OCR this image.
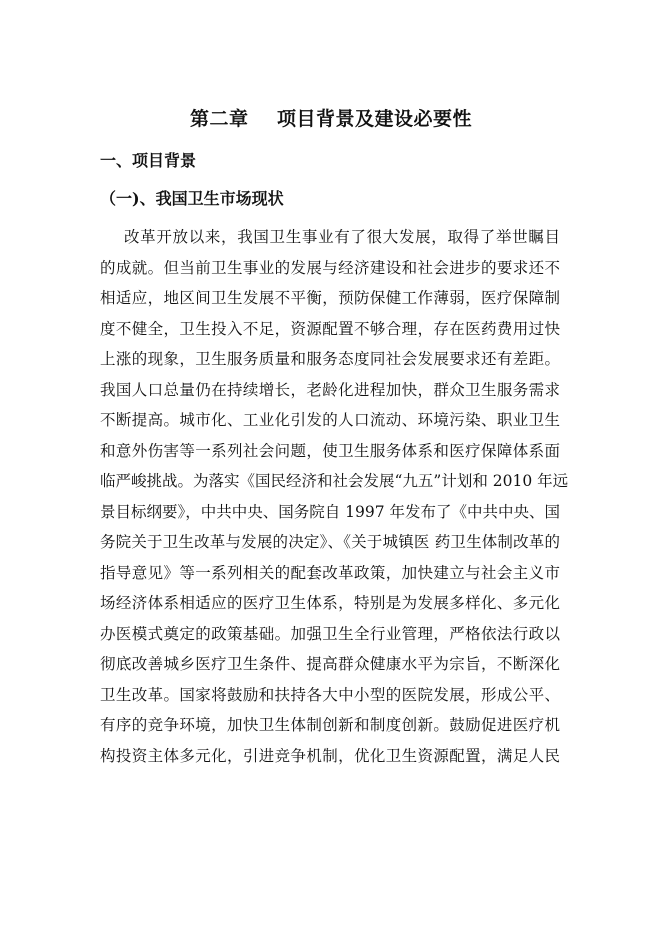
第二章    项目背景及建设必要性
一、项目背景
（一)、我国卫生市场现状
改革开放以来，我国卫生事业有了很大发展，取得了举世瞩目
的成就。但当前卫生事业的发展与经济建设和社会进步的要求还不
相适应，地区间卫生发展不平衡，预防保健工作薄弱，医疗保障制
度不健全，卫生投入不足，资源配置不够合理，存在医药费用过快
上涨的现象，卫生服务质量和服务态度同社会发展要求还有差距。
我国人口总量仍在持续增长，老龄化进程加快，群众卫生服务需求
不断提高。城市化、工业化引发的人口流动、环境污染、职业卫生
和意外伤害等一系列社会问题，使卫生服务体系和医疗保障体系面
临严峻挑战。为落实《国民经济和社会发展“九五”计划和 2010 年远
景目标纲要》，中共中央、国务院自 1997 年发布了《中共中央、国
务院关于卫生改革与发展的决定》、《关于城镇医 药卫生体制改革的
指导意见》等一系列相关的配套改革政策，加快建立与社会主义市
场经济体系相适应的医疗卫生体系，特别是为发展多样化、多元化
办医模式奠定的政策基础。加强卫生全行业管理，严格依法行政以
彻底改善城乡医疗卫生条件、提高群众健康水平为宗旨，不断深化
卫生改革。国家将鼓励和扶持各大中小型的医院发展，形成公平、
有序的竞争环境，加快卫生体制创新和制度创新。鼓励促进医疗机
构投资主体多元化，引进竞争机制，优化卫生资源配置，满足人民
